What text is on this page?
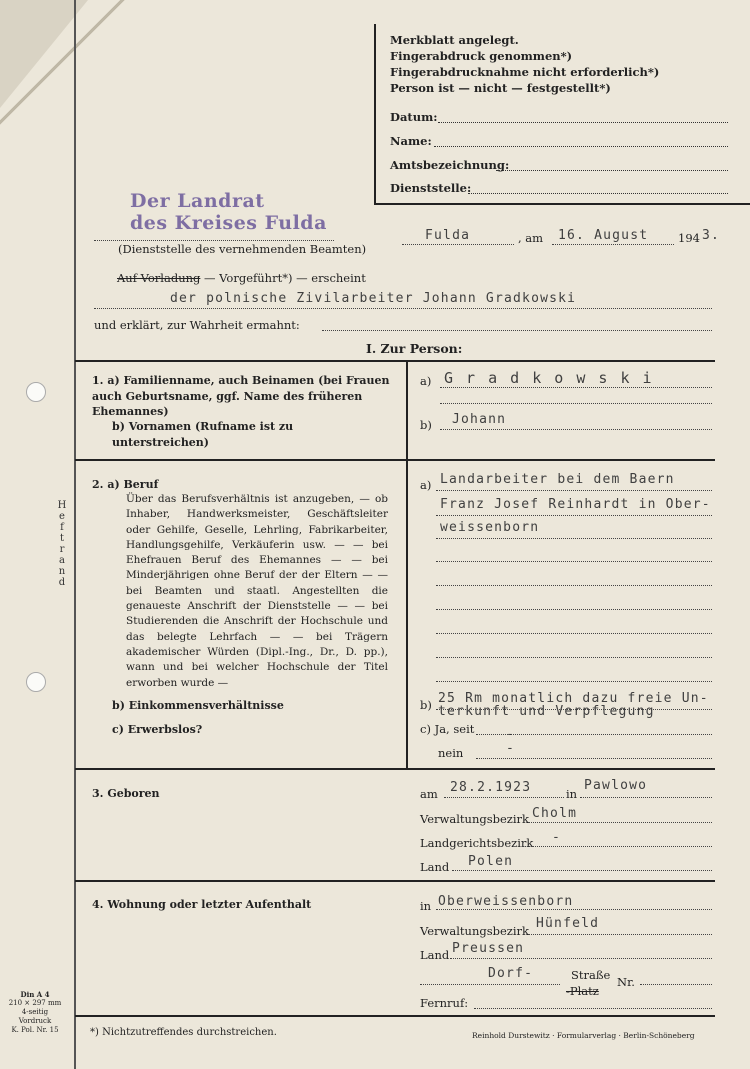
H
e
f
t
r
a
n
d
Merkblatt angelegt.
Fingerabdruck genommen*)
Fingerabdrucknahme nicht erforderlich*)
Person ist — nicht — festgestellt*)
Datum:
Name:
Amtsbezeichnung:
Dienststelle:
Der Landrat
des Kreises Fulda
(Dienststelle des vernehmenden Beamten)
Fulda	, am 16. August	194 3.
Auf Vorladung — Vorgeführt*) — erscheint
der polnische Zivilarbeiter Johann Gradkowski
und erklärt, zur Wahrheit ermahnt:
I. Zur Person:
1. a) Familienname, auch Beinamen (bei Frauen auch Geburtsname, ggf. Name des früheren Ehemannes)
b) Vornamen (Rufname ist zu unterstreichen)
a) G r a d k o w s k i
b) Johann
2. a) Beruf
Über das Berufsverhältnis ist anzugeben, — ob Inhaber, Handwerksmeister, Geschäftsleiter oder Gehilfe, Geselle, Lehrling, Fabrikarbeiter, Handlungsgehilfe, Verkäuferin usw. — — bei Ehefrauen Beruf des Ehemannes — — bei Minderjährigen ohne Beruf der der Eltern — — bei Beamten und staatl. Angestellten die genaueste Anschrift der Dienststelle — — bei Studierenden die Anschrift der Hochschule und das belegte Lehrfach — — bei Trägern akademischer Würden (Dipl.-Ing., Dr., D. pp.), wann und bei welcher Hochschule der Titel erworben wurde —
b) Einkommensverhältnisse
c) Erwerbslos?
a) Landarbeiter bei dem Baern
Franz Josef Reinhardt in Ober-
weissenborn
b) 25 Rm monatlich dazu freie Un-
terkunft und Verpflegung
c) Ja, seit -
nein	-
3. Geboren	am 28.2.1923	in
Pawlowo
Verwaltungsbezirk Cholm
Landgerichtsbezirk -
Land Polen
4. Wohnung oder letzter Aufenthalt	in Oberweissenborn
Verwaltungsbezirk Hünfeld
Land Preussen
Dorf-	Straße
-Platz
Nr.
Fernruf:
*) Nichtzutreffendes durchstreichen.	Reinhold Durstewitz · Formularverlag · Berlin-Schöneberg
Din A 4
210 × 297 mm
4-seitig
Vordruck
K. Pol. Nr. 15
